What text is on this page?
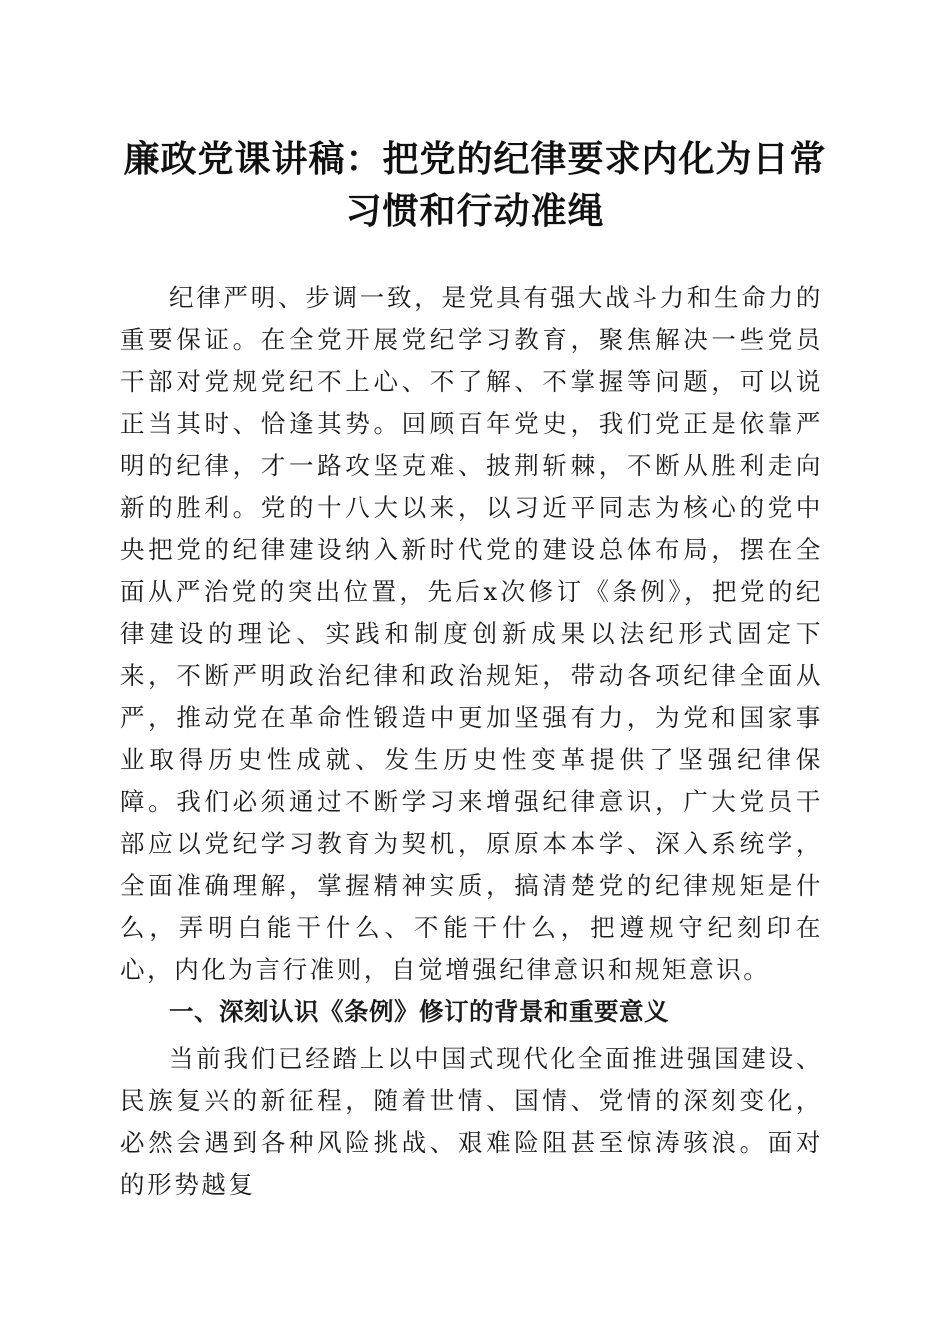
廉政党课讲稿：把党的纪律要求内化为日常习惯和行动准绳

纪律严明、步调一致，是党具有强大战斗力和生命力的重要保证。在全党开展党纪学习教育，聚焦解决一些党员干部对党规党纪不上心、不了解、不掌握等问题，可以说正当其时、恰逢其势。回顾百年党史，我们党正是依靠严明的纪律，才一路攻坚克难、披荆斩棘，不断从胜利走向新的胜利。党的十八大以来，以习近平同志为核心的党中央把党的纪律建设纳入新时代党的建设总体布局，摆在全面从严治党的突出位置，先后x次修订《条例》，把党的纪律建设的理论、实践和制度创新成果以法纪形式固定下来，不断严明政治纪律和政治规矩，带动各项纪律全面从严，推动党在革命性锻造中更加坚强有力，为党和国家事业取得历史性成就、发生历史性变革提供了坚强纪律保障。我们必须通过不断学习来增强纪律意识，广大党员干部应以党纪学习教育为契机，原原本本学、深入系统学，全面准确理解，掌握精神实质，搞清楚党的纪律规矩是什么，弄明白能干什么、不能干什么，把遵规守纪刻印在心，内化为言行准则，自觉增强纪律意识和规矩意识。

一、深刻认识《条例》修订的背景和重要意义

当前我们已经踏上以中国式现代化全面推进强国建设、民族复兴的新征程，随着世情、国情、党情的深刻变化，必然会遇到各种风险挑战、艰难险阻甚至惊涛骇浪。面对的形势越复
